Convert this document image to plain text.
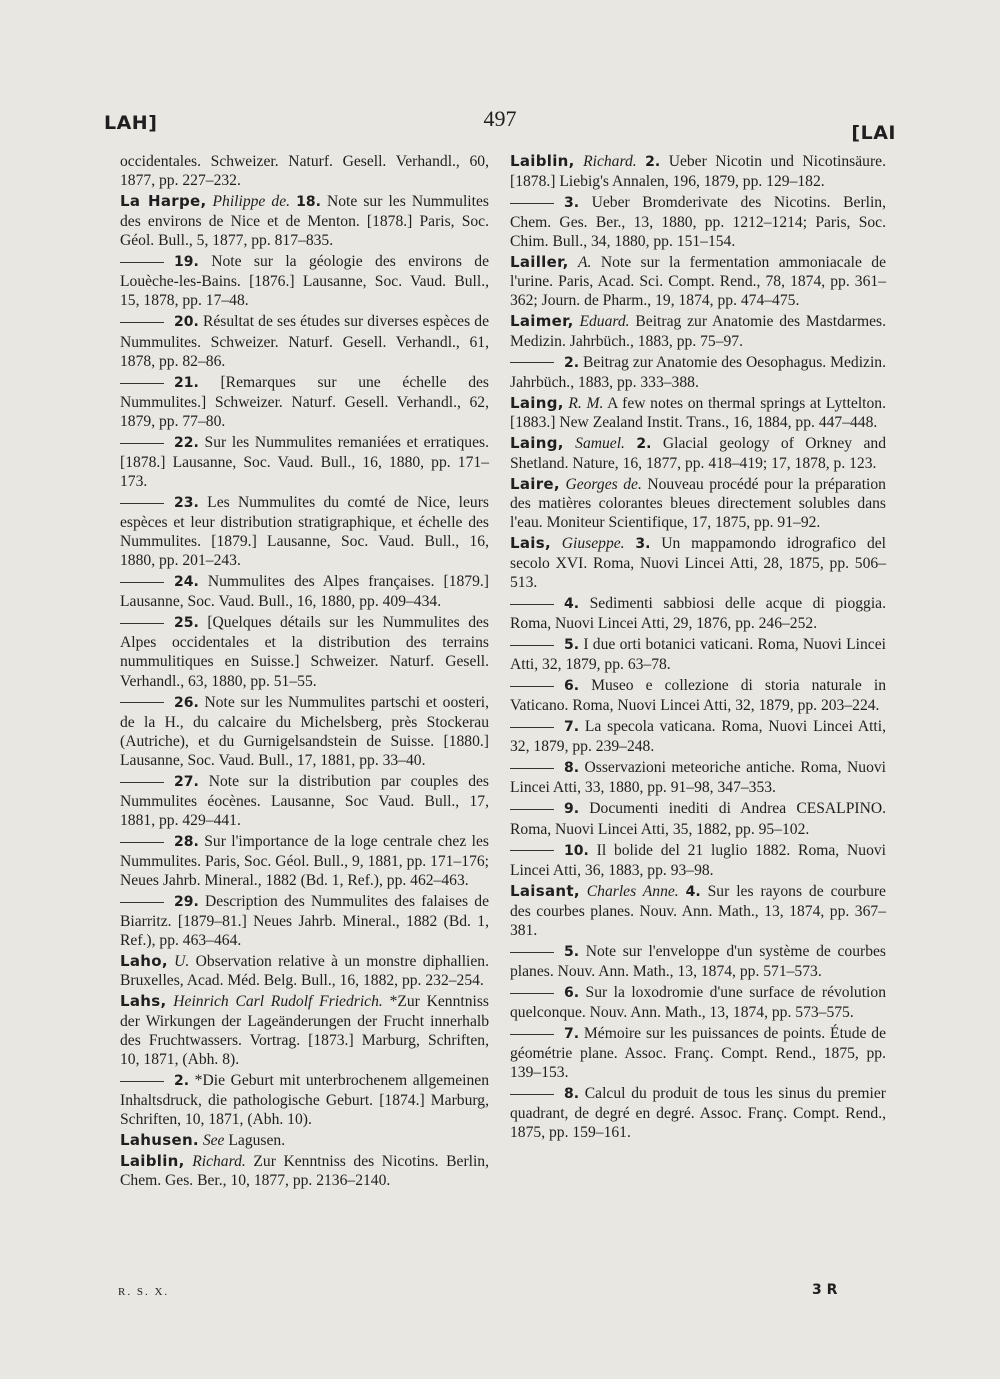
LAH]	497
[LAI
occidentales. Schweizer. Naturf. Gesell. Verhandl., 60, 1877, pp. 227–232.
La Harpe, Philippe de. 18. Note sur les Nummulites des environs de Nice et de Menton. [1878.] Paris, Soc. Géol. Bull., 5, 1877, pp. 817–835.
19. Note sur la géologie des environs de Louèche-les-Bains. [1876.] Lausanne, Soc. Vaud. Bull., 15, 1878, pp. 17–48.
20. Résultat de ses études sur diverses espèces de Nummulites. Schweizer. Naturf. Gesell. Verhandl., 61, 1878, pp. 82–86.
21. [Remarques sur une échelle des Nummulites.] Schweizer. Naturf. Gesell. Verhandl., 62, 1879, pp. 77–80.
22. Sur les Nummulites remaniées et erratiques. [1878.] Lausanne, Soc. Vaud. Bull., 16, 1880, pp. 171–173.
23. Les Nummulites du comté de Nice, leurs espèces et leur distribution stratigraphique, et échelle des Nummulites. [1879.] Lausanne, Soc. Vaud. Bull., 16, 1880, pp. 201–243.
24. Nummulites des Alpes françaises. [1879.] Lausanne, Soc. Vaud. Bull., 16, 1880, pp. 409–434.
25. [Quelques détails sur les Nummulites des Alpes occidentales et la distribution des terrains nummulitiques en Suisse.] Schweizer. Naturf. Gesell. Verhandl., 63, 1880, pp. 51–55.
26. Note sur les Nummulites partschi et oosteri, de la H., du calcaire du Michelsberg, près Stockerau (Autriche), et du Gurnigelsandstein de Suisse. [1880.] Lausanne, Soc. Vaud. Bull., 17, 1881, pp. 33–40.
27. Note sur la distribution par couples des Nummulites éocènes. Lausanne, Soc Vaud. Bull., 17, 1881, pp. 429–441.
28. Sur l'importance de la loge centrale chez les Nummulites. Paris, Soc. Géol. Bull., 9, 1881, pp. 171–176; Neues Jahrb. Mineral., 1882 (Bd. 1, Ref.), pp. 462–463.
29. Description des Nummulites des falaises de Biarritz. [1879–81.] Neues Jahrb. Mineral., 1882 (Bd. 1, Ref.), pp. 463–464.
Laho, U. Observation relative à un monstre diphallien. Bruxelles, Acad. Méd. Belg. Bull., 16, 1882, pp. 232–254.
Lahs, Heinrich Carl Rudolf Friedrich. *Zur Kenntniss der Wirkungen der Lageänderungen der Frucht innerhalb des Fruchtwassers. Vortrag. [1873.] Marburg, Schriften, 10, 1871, (Abh. 8).
2. *Die Geburt mit unterbrochenem allgemeinen Inhaltsdruck, die pathologische Geburt. [1874.] Marburg, Schriften, 10, 1871, (Abh. 10).
Lahusen. See Lagusen.
Laiblin, Richard. Zur Kenntniss des Nicotins. Berlin, Chem. Ges. Ber., 10, 1877, pp. 2136–2140.
Laiblin, Richard. 2. Ueber Nicotin und Nicotinsäure. [1878.] Liebig's Annalen, 196, 1879, pp. 129–182.
3. Ueber Bromderivate des Nicotins. Berlin, Chem. Ges. Ber., 13, 1880, pp. 1212–1214; Paris, Soc. Chim. Bull., 34, 1880, pp. 151–154.
Lailler, A. Note sur la fermentation ammoniacale de l'urine. Paris, Acad. Sci. Compt. Rend., 78, 1874, pp. 361–362; Journ. de Pharm., 19, 1874, pp. 474–475.
Laimer, Eduard. Beitrag zur Anatomie des Mastdarmes. Medizin. Jahrbüch., 1883, pp. 75–97.
2. Beitrag zur Anatomie des Oesophagus. Medizin. Jahrbüch., 1883, pp. 333–388.
Laing, R. M. A few notes on thermal springs at Lyttelton. [1883.] New Zealand Instit. Trans., 16, 1884, pp. 447–448.
Laing, Samuel. 2. Glacial geology of Orkney and Shetland. Nature, 16, 1877, pp. 418–419; 17, 1878, p. 123.
Laire, Georges de. Nouveau procédé pour la préparation des matières colorantes bleues directement solubles dans l'eau. Moniteur Scientifique, 17, 1875, pp. 91–92.
Lais, Giuseppe. 3. Un mappamondo idrografico del secolo XVI. Roma, Nuovi Lincei Atti, 28, 1875, pp. 506–513.
4. Sedimenti sabbiosi delle acque di pioggia. Roma, Nuovi Lincei Atti, 29, 1876, pp. 246–252.
5. I due orti botanici vaticani. Roma, Nuovi Lincei Atti, 32, 1879, pp. 63–78.
6. Museo e collezione di storia naturale in Vaticano. Roma, Nuovi Lincei Atti, 32, 1879, pp. 203–224.
7. La specola vaticana. Roma, Nuovi Lincei Atti, 32, 1879, pp. 239–248.
8. Osservazioni meteoriche antiche. Roma, Nuovi Lincei Atti, 33, 1880, pp. 91–98, 347–353.
9. Documenti inediti di Andrea CESALPINO. Roma, Nuovi Lincei Atti, 35, 1882, pp. 95–102.
10. Il bolide del 21 luglio 1882. Roma, Nuovi Lincei Atti, 36, 1883, pp. 93–98.
Laisant, Charles Anne. 4. Sur les rayons de courbure des courbes planes. Nouv. Ann. Math., 13, 1874, pp. 367–381.
5. Note sur l'enveloppe d'un système de courbes planes. Nouv. Ann. Math., 13, 1874, pp. 571–573.
6. Sur la loxodromie d'une surface de révolution quelconque. Nouv. Ann. Math., 13, 1874, pp. 573–575.
7. Mémoire sur les puissances de points. Étude de géométrie plane. Assoc. Franç. Compt. Rend., 1875, pp. 139–153.
8. Calcul du produit de tous les sinus du premier quadrant, de degré en degré. Assoc. Franç. Compt. Rend., 1875, pp. 159–161.
R. S. X.	3 R
